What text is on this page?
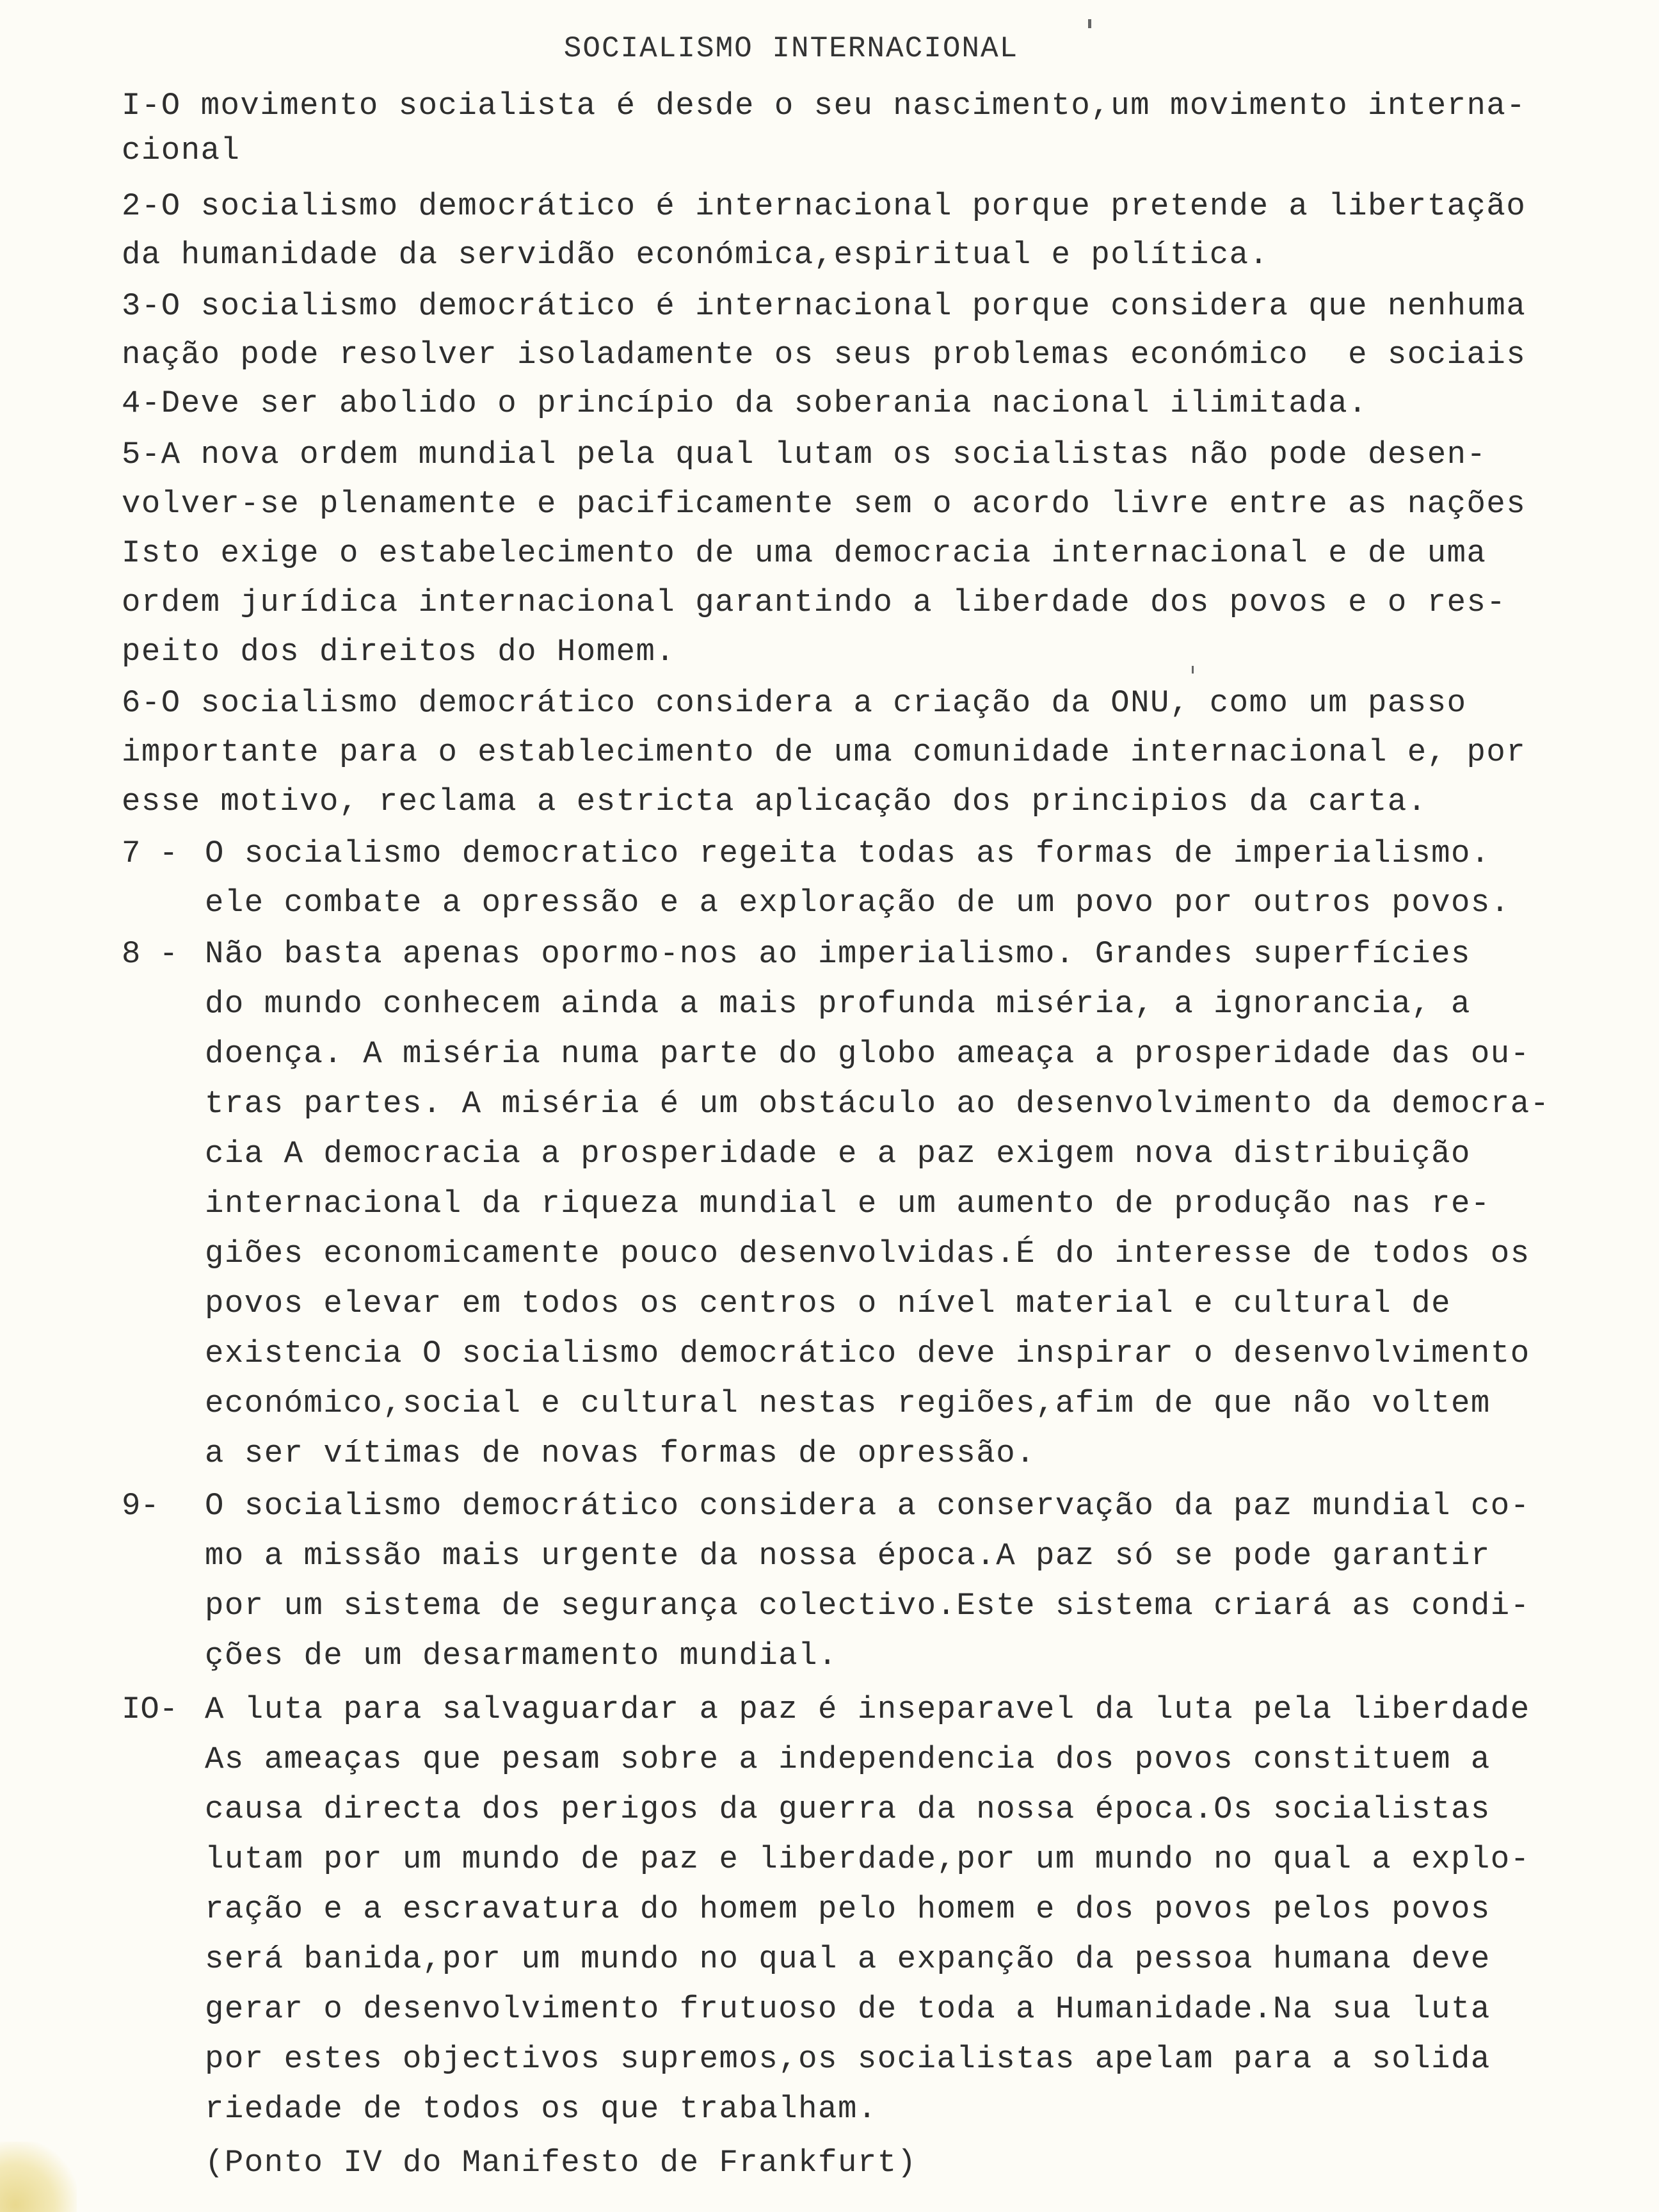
SOCIALISMO INTERNACIONAL
I-O movimento socialista é desde o seu nascimento,um movimento interna-
cional
2-O socialismo democrático é internacional porque pretende a libertação
da humanidade da servidão económica,espiritual e política.
3-O socialismo democrático é internacional porque considera que nenhuma
nação pode resolver isoladamente os seus problemas económico  e sociais
4-Deve ser abolido o princípio da soberania nacional ilimitada.
5-A nova ordem mundial pela qual lutam os socialistas não pode desen-
volver-se plenamente e pacificamente sem o acordo livre entre as nações
Isto exige o estabelecimento de uma democracia internacional e de uma
ordem jurídica internacional garantindo a liberdade dos povos e o res-
peito dos direitos do Homem.
6-O socialismo democrático considera a criação da ONU, como um passo
importante para o establecimento de uma comunidade internacional e, por
esse motivo, reclama a estricta aplicação dos principios da carta.
7 - O socialismo democratico regeita todas as formas de imperialismo.
ele combate a opressão e a exploração de um povo por outros povos.
8 - Não basta apenas opormo-nos ao imperialismo. Grandes superfícies
do mundo conhecem ainda a mais profunda miséria, a ignorancia, a
doença. A miséria numa parte do globo ameaça a prosperidade das ou-
tras partes. A miséria é um obstáculo ao desenvolvimento da democra-
cia A democracia a prosperidade e a paz exigem nova distribuição
internacional da riqueza mundial e um aumento de produção nas re-
giões economicamente pouco desenvolvidas.É do interesse de todos os
povos elevar em todos os centros o nível material e cultural de
existencia O socialismo democrático deve inspirar o desenvolvimento
económico,social e cultural nestas regiões,afim de que não voltem
a ser vítimas de novas formas de opressão.
9- O socialismo democrático considera a conservação da paz mundial co-
mo a missão mais urgente da nossa época.A paz só se pode garantir
por um sistema de segurança colectivo.Este sistema criará as condi-
ções de um desarmamento mundial.
IO- A luta para salvaguardar a paz é inseparavel da luta pela liberdade
As ameaças que pesam sobre a independencia dos povos constituem a
causa directa dos perigos da guerra da nossa época.Os socialistas
lutam por um mundo de paz e liberdade,por um mundo no qual a explo-
ração e a escravatura do homem pelo homem e dos povos pelos povos
será banida,por um mundo no qual a expanção da pessoa humana deve
gerar o desenvolvimento frutuoso de toda a Humanidade.Na sua luta
por estes objectivos supremos,os socialistas apelam para a solida
riedade de todos os que trabalham.
(Ponto IV do Manifesto de Frankfurt)
